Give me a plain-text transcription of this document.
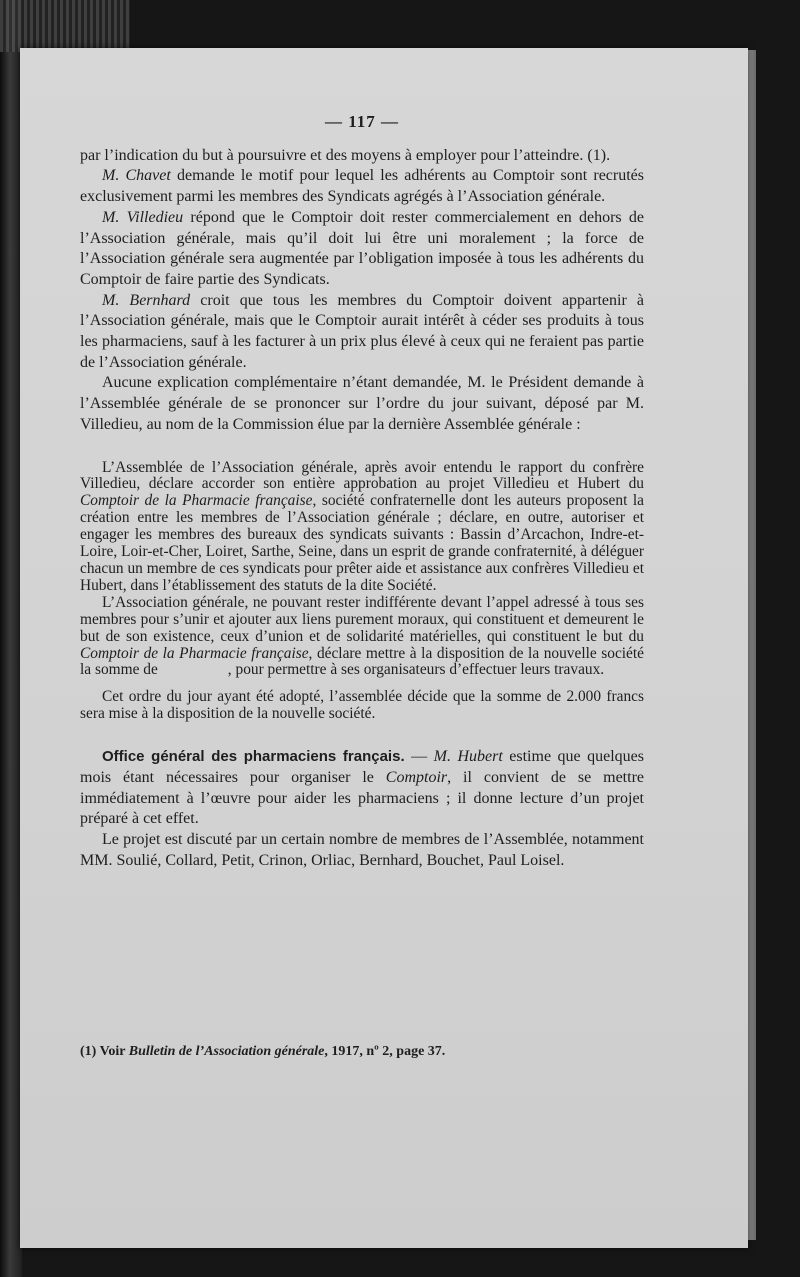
— 117 —

par l’indication du but à poursuivre et des moyens à employer pour l’atteindre. (1).

M. Chavet demande le motif pour lequel les adhérents au Comptoir sont recrutés exclusivement parmi les membres des Syndicats agrégés à l’Association générale.

M. Villedieu répond que le Comptoir doit rester commercialement en dehors de l’Association générale, mais qu’il doit lui être uni moralement ; la force de l’Association générale sera augmentée par l’obligation imposée à tous les adhérents du Comptoir de faire partie des Syndicats.

M. Bernhard croit que tous les membres du Comptoir doivent appartenir à l’Association générale, mais que le Comptoir aurait intérêt à céder ses produits à tous les pharmaciens, sauf à les facturer à un prix plus élevé à ceux qui ne feraient pas partie de l’Association générale.

Aucune explication complémentaire n’étant demandée, M. le Président demande à l’Assemblée générale de se prononcer sur l’ordre du jour suivant, déposé par M. Villedieu, au nom de la Commission élue par la dernière Assemblée générale :

L’Assemblée de l’Association générale, après avoir entendu le rapport du confrère Villedieu, déclare accorder son entière approbation au projet Villedieu et Hubert du Comptoir de la Pharmacie française, société confraternelle dont les auteurs proposent la création entre les membres de l’Association générale ; déclare, en outre, autoriser et engager les membres des bureaux des syndicats suivants : Bassin d’Arcachon, Indre-et-Loire, Loir-et-Cher, Loiret, Sarthe, Seine, dans un esprit de grande confraternité, à déléguer chacun un membre de ces syndicats pour prêter aide et assistance aux confrères Villedieu et Hubert, dans l’établissement des statuts de la dite Société.

L’Association générale, ne pouvant rester indifférente devant l’appel adressé à tous ses membres pour s’unir et ajouter aux liens purement moraux, qui constituent et demeurent le but de son existence, ceux d’union et de solidarité matérielles, qui constituent le but du Comptoir de la Pharmacie française, déclare mettre à la disposition de la nouvelle société la somme de	, pour permettre à ses organisateurs d’effectuer leurs travaux.

Cet ordre du jour ayant été adopté, l’assemblée décide que la somme de 2.000 francs sera mise à la disposition de la nouvelle société.

Office général des pharmaciens français. — M. Hubert estime que quelques mois étant nécessaires pour organiser le Comptoir, il convient de se mettre immédiatement à l’œuvre pour aider les pharmaciens ; il donne lecture d’un projet préparé à cet effet.

Le projet est discuté par un certain nombre de membres de l’Assemblée, notamment MM. Soulié, Collard, Petit, Crinon, Orliac, Bernhard, Bouchet, Paul Loisel.

(1) Voir Bulletin de l’Association générale, 1917, nº 2, page 37.
